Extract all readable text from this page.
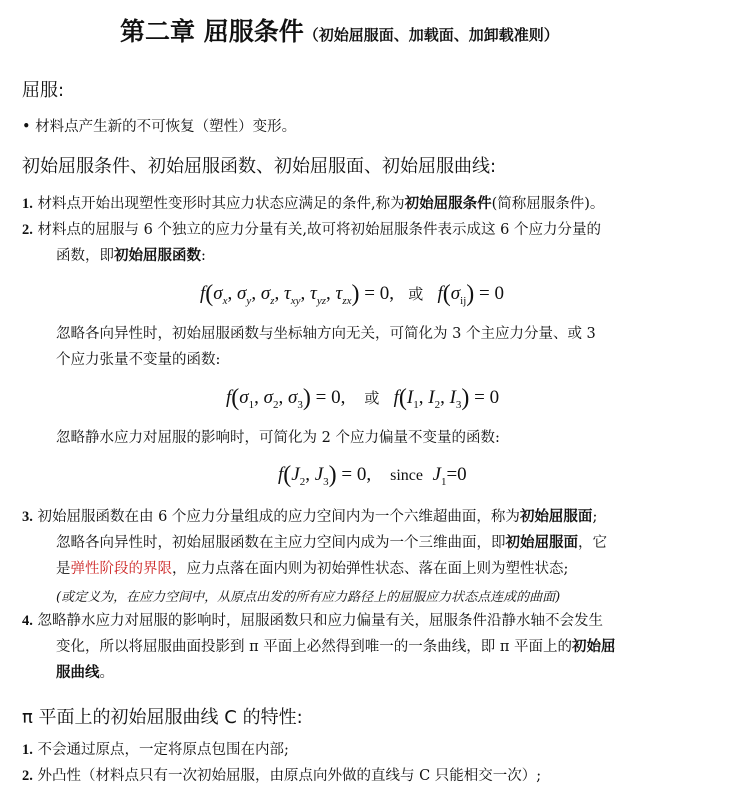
第二章 屈服条件（初始屈服面、加载面、加卸载准则）
屈服:
• 材料点产生新的不可恢复（塑性）变形。
初始屈服条件、初始屈服函数、初始屈服面、初始屈服曲线:
1. 材料点开始出现塑性变形时其应力状态应满足的条件,称为初始屈服条件(简称屈服条件)。
2. 材料点的屈服与 6 个独立的应力分量有关,故可将初始屈服条件表示成这 6 个应力分量的
函数，即初始屈服函数:
$f(\sigma_x$, $\sigma_y$, $\sigma_z$, $\tau_{xy}$, $\tau_{yz}$, $\tau_{zx}) = 0$, 或 $f(\sigma_{ij}) = 0$
忽略各向异性时，初始屈服函数与坐标轴方向无关，可简化为 3 个主应力分量、或 3
个应力张量不变量的函数:
$f(\sigma_1$, $\sigma_2$, $\sigma_3) = 0$, 或 $f(I_1$, $I_2$, $I_3) = 0$
忽略静水应力对屈服的影响时，可简化为 2 个应力偏量不变量的函数:
$f(J_2$, $J_3) = 0$, since $J_1=0$
3. 初始屈服函数在由 6 个应力分量组成的应力空间内为一个六维超曲面，称为初始屈服面;
忽略各向异性时，初始屈服函数在主应力空间内成为一个三维曲面，即初始屈服面，它
是弹性阶段的界限，应力点落在面内则为初始弹性状态、落在面上则为塑性状态;
(或定义为，在应力空间中，从原点出发的所有应力路径上的屈服应力状态点连成的曲面)
4. 忽略静水应力对屈服的影响时，屈服函数只和应力偏量有关，屈服条件沿静水轴不会发生
变化，所以将屈服曲面投影到 π 平面上必然得到唯一的一条曲线，即 π 平面上的初始屈
服曲线。
π 平面上的初始屈服曲线 C 的特性:
1. 不会通过原点，一定将原点包围在内部;
2. 外凸性（材料点只有一次初始屈服，由原点向外做的直线与 C 只能相交一次）;
